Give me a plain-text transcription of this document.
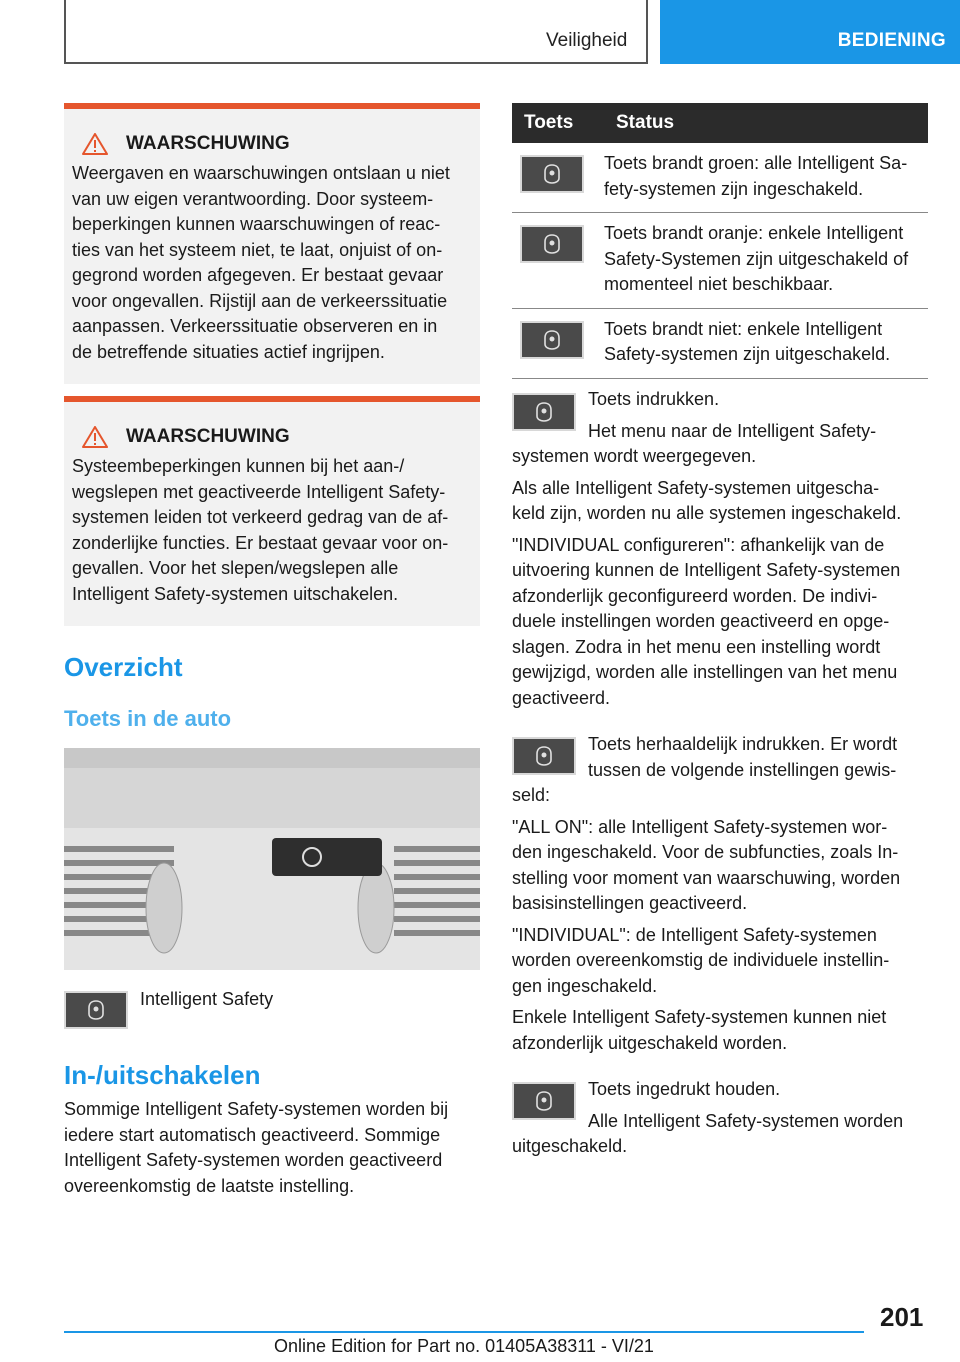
Veiligheid	BEDIENING
WAARSCHUWING
Weergaven en waarschuwingen ontslaan u niet
van uw eigen verantwoording. Door systeem-
beperkingen kunnen waarschuwingen of reac-
ties van het systeem niet, te laat, onjuist of on-
gegrond worden afgegeven. Er bestaat gevaar
voor ongevallen. Rijstijl aan de verkeerssituatie
aanpassen. Verkeerssituatie observeren en in
de betreffende situaties actief ingrijpen.
WAARSCHUWING
Systeembeperkingen kunnen bij het aan-/
wegslepen met geactiveerde Intelligent Safety-
systemen leiden tot verkeerd gedrag van de af-
zonderlijke functies. Er bestaat gevaar voor on-
gevallen. Voor het slepen/wegslepen alle
Intelligent Safety-systemen uitschakelen.
Overzicht
Toets in de auto
Intelligent Safety
In-/uitschakelen
Sommige Intelligent Safety-systemen worden bij
iedere start automatisch geactiveerd. Sommige
Intelligent Safety-systemen worden geactiveerd
overeenkomstig de laatste instelling.
Toets	Status

Toets brandt groen: alle Intelligent Sa-
fety-systemen zijn ingeschakeld.

Toets brandt oranje: enkele Intelligent
Safety-Systemen zijn uitgeschakeld of
momenteel niet beschikbaar.

Toets brandt niet: enkele Intelligent
Safety-systemen zijn uitgeschakeld.

Toets indrukken.

Het menu naar de Intelligent Safety-

systemen wordt weergegeven.

Als alle Intelligent Safety-systemen uitgescha-

keld zijn, worden nu alle systemen ingeschakeld.

"INDIVIDUAL configureren": afhankelijk van de

uitvoering kunnen de Intelligent Safety-systemen

afzonderlijk geconfigureerd worden. De indivi-

duele instellingen worden geactiveerd en opge-

slagen. Zodra in het menu een instelling wordt

gewijzigd, worden alle instellingen van het menu

geactiveerd.

Toets herhaaldelijk indrukken. Er wordt

tussen de volgende instellingen gewis-

seld:

"ALL ON": alle Intelligent Safety-systemen wor-

den ingeschakeld. Voor de subfuncties, zoals In-

stelling voor moment van waarschuwing, worden

basisinstellingen geactiveerd.

"INDIVIDUAL": de Intelligent Safety-systemen

worden overeenkomstig de individuele instellin-

gen ingeschakeld.

Enkele Intelligent Safety-systemen kunnen niet

afzonderlijk uitgeschakeld worden.

Toets ingedrukt houden.

Alle Intelligent Safety-systemen worden

uitgeschakeld.

201
Online Edition for Part no. 01405A38311 - VI/21
